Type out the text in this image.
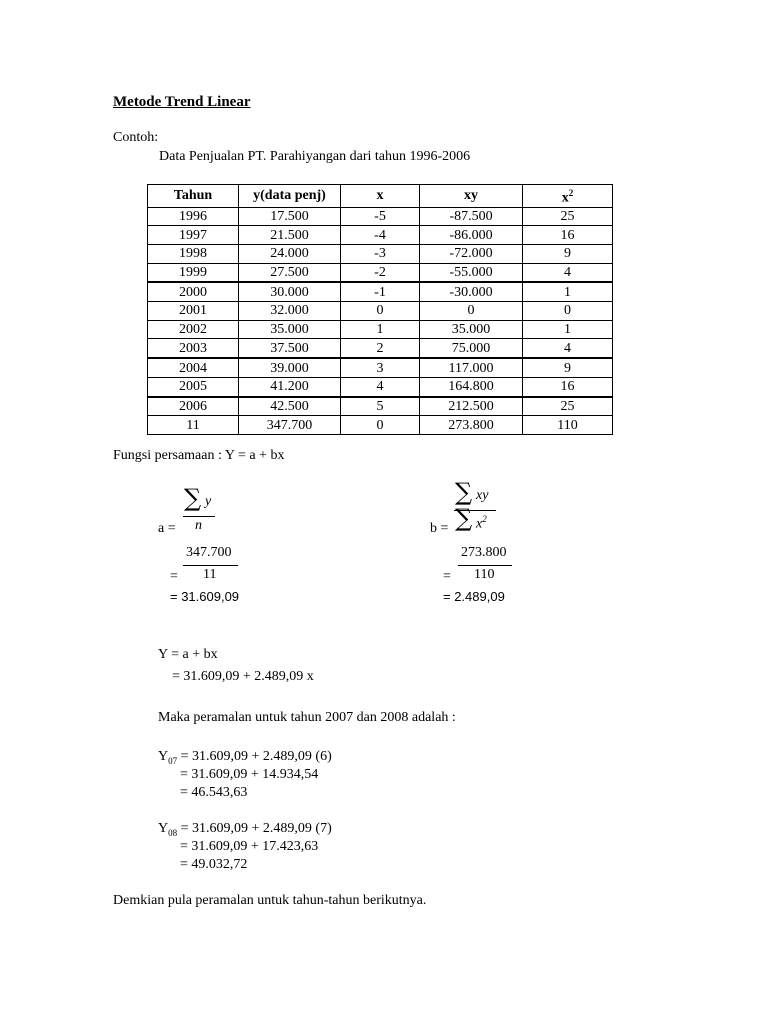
Metode Trend Linear
Contoh:
Data Penjualan PT. Parahiyangan dari tahun 1996-2006
Tahun	y(data penj)	x	xy	$x^2$
1996	17.500	-5	-87.500	25
1997	21.500	-4	-86.000	16
1998	24.000	-3	-72.000	9
1999	27.500	-2	-55.000	4
2000	30.000	-1	-30.000	1
2001	32.000	0	0	0
2002	35.000	1	35.000	1
2003	37.500	2	75.000	4
2004	39.000	3	117.000	9
2005	41.200	4	164.800	16
2006	42.500	5	212.500	25
11	347.700	0	273.800	110
Fungsi persamaan : Y = a + bx
a =
∑ y
n
347.700
= 11
= 31.609,09
b =
∑ xy
∑ $x^2$
273.800
= 110
= 2.489,09
Y = a + bx
= 31.609,09 + 2.489,09 x
Maka peramalan untuk tahun 2007 dan 2008 adalah :
$Y_{07} = 31.609,09 + 2.489,09$ (6)
= 31.609,09 + 14.934,54
= 46.543,63
$Y_{08} = 31.609,09 + 2.489,09$ (7)
= 31.609,09 + 17.423,63
= 49.032,72
Demkian pula peramalan untuk tahun-tahun berikutnya.
